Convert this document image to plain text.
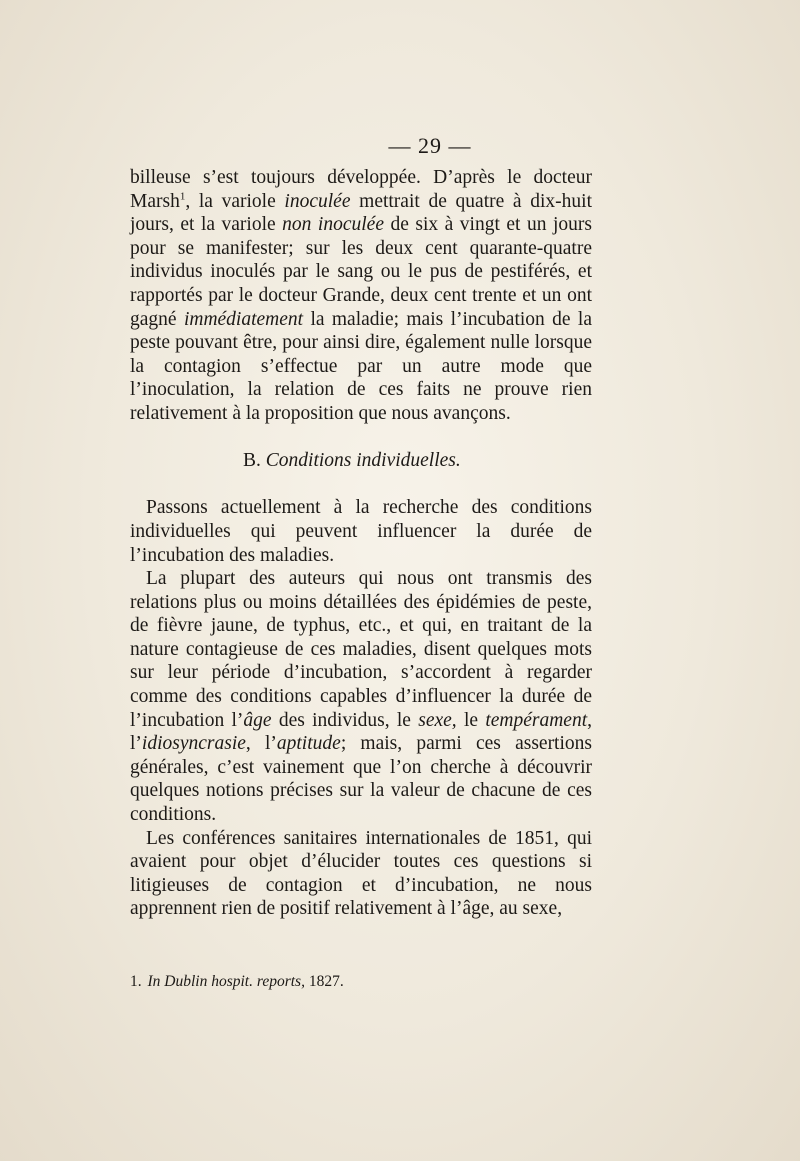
— 29 —

billeuse s’est toujours développée. D’après le docteur Marsh$^1$, la variole inoculée mettrait de quatre à dix-huit jours, et la variole non inoculée de six à vingt et un jours pour se manifester; sur les deux cent quarante-quatre individus inoculés par le sang ou le pus de pestiférés, et rapportés par le docteur Grande, deux cent trente et un ont gagné immédiatement la maladie; mais l’incubation de la peste pouvant être, pour ainsi dire, également nulle lorsque la contagion s’effectue par un autre mode que l’inoculation, la relation de ces faits ne prouve rien relativement à la proposition que nous avançons.

B. Conditions individuelles.

Passons actuellement à la recherche des conditions individuelles qui peuvent influencer la durée de l’incubation des maladies.

La plupart des auteurs qui nous ont transmis des relations plus ou moins détaillées des épidémies de peste, de fièvre jaune, de typhus, etc., et qui, en traitant de la nature contagieuse de ces maladies, disent quelques mots sur leur période d’incubation, s’accordent à regarder comme des conditions capables d’influencer la durée de l’incubation l’âge des individus, le sexe, le tempérament, l’idiosyncrasie, l’aptitude; mais, parmi ces assertions générales, c’est vainement que l’on cherche à découvrir quelques notions précises sur la valeur de chacune de ces conditions.

Les conférences sanitaires internationales de 1851, qui avaient pour objet d’élucider toutes ces questions si litigieuses de contagion et d’incubation, ne nous apprennent rien de positif relativement à l’âge, au sexe,

1. In Dublin hospit. reports, 1827.
